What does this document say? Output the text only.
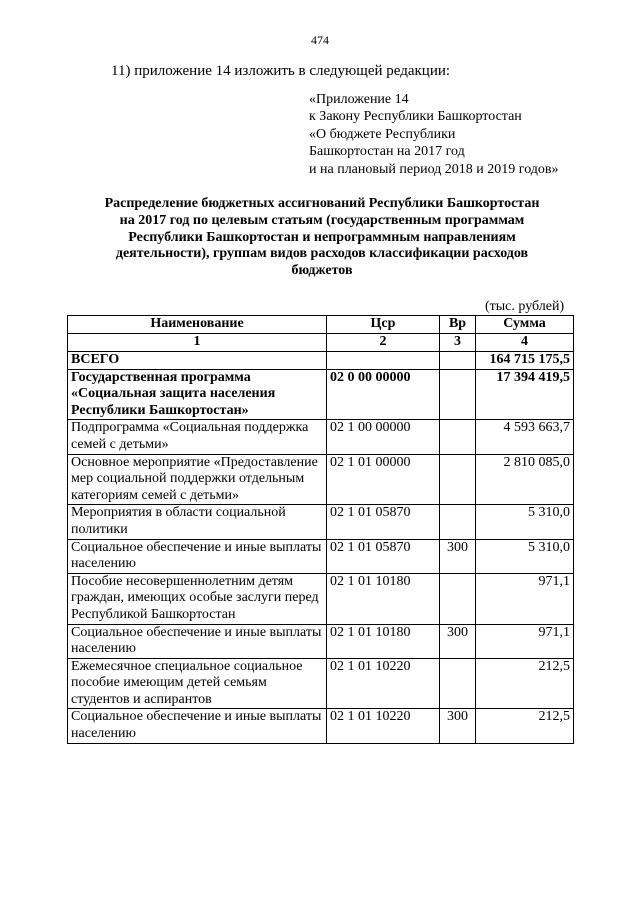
474
11) приложение 14 изложить в следующей редакции:
«Приложение 14
к Закону Республики Башкортостан
«О бюджете Республики
Башкортостан на 2017 год
и на плановый период 2018 и 2019 годов»
Распределение бюджетных ассигнований Республики Башкортостан
на 2017 год по целевым статьям (государственным программам
Республики Башкортостан и непрограммным направлениям
деятельности), группам видов расходов классификации расходов
бюджетов
(тыс. рублей)
Наименование	Цср	Вр	Сумма
1	2	3	4
ВСЕГО			164 715 175,5
Государственная программа «Социальная защита населения Республики Башкортостан»	02 0 00 00000		17 394 419,5
Подпрограмма «Социальная поддержка семей с детьми»	02 1 00 00000		4 593 663,7
Основное мероприятие «Предоставление мер социальной поддержки отдельным категориям семей с детьми»	02 1 01 00000		2 810 085,0
Мероприятия в области социальной политики	02 1 01 05870		5 310,0
Социальное обеспечение и иные выплаты населению	02 1 01 05870	300	5 310,0
Пособие несовершеннолетним детям граждан, имеющих особые заслуги перед Республикой Башкортостан	02 1 01 10180		971,1
Социальное обеспечение и иные выплаты населению	02 1 01 10180	300	971,1
Ежемесячное специальное социальное пособие имеющим детей семьям студентов и аспирантов	02 1 01 10220		212,5
Социальное обеспечение и иные выплаты населению	02 1 01 10220	300	212,5
